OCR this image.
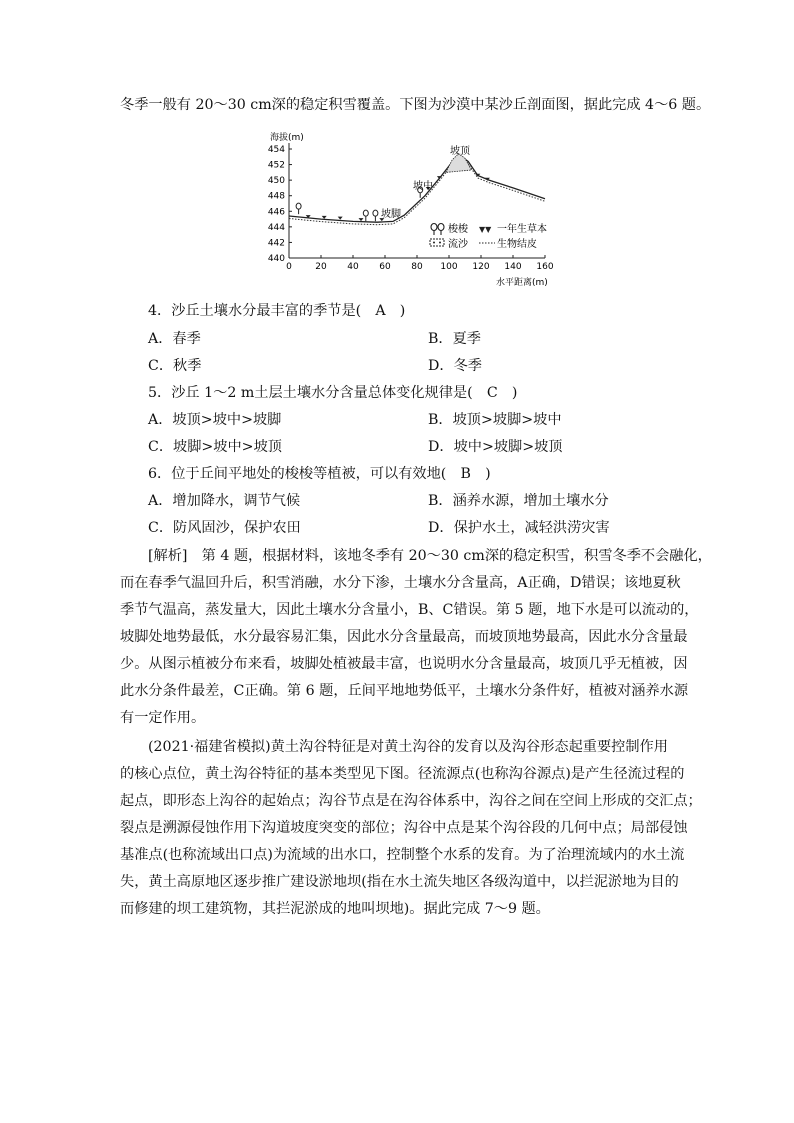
冬季一般有 20～30 cm深的稳定积雪覆盖。下图为沙漠中某沙丘剖面图，据此完成 4～6 题。
454
452
450
448
446
444
442
440
0	20 40 60 80 100 120 140 160
海拔(m)
水平距离(m)
坡顶
坡中
坡脚
梭梭 ▼▼ 一年生草本
流沙	生物结皮
4．沙丘土壤水分最丰富的季节是(　A　)
A．春季	B．夏季
C．秋季	D．冬季
5．沙丘 1～2 m土层土壤水分含量总体变化规律是(　C　)
A．坡顶>坡中>坡脚	B．坡顶>坡脚>坡中
C．坡脚>坡中>坡顶	D．坡中>坡脚>坡顶
6．位于丘间平地处的梭梭等植被，可以有效地(　B　)
A．增加降水，调节气候	B．涵养水源，增加土壤水分
C．防风固沙，保护农田	D．保护水土，减轻洪涝灾害
[解析]　第 4 题，根据材料，该地冬季有 20～30 cm深的稳定积雪，积雪冬季不会融化，
而在春季气温回升后，积雪消融，水分下渗，土壤水分含量高，A正确，D错误；该地夏秋
季节气温高，蒸发量大，因此土壤水分含量小，B、C错误。第 5 题，地下水是可以流动的，
坡脚处地势最低，水分最容易汇集，因此水分含量最高，而坡顶地势最高，因此水分含量最
少。从图示植被分布来看，坡脚处植被最丰富，也说明水分含量最高，坡顶几乎无植被，因
此水分条件最差，C正确。第 6 题，丘间平地地势低平，土壤水分条件好，植被对涵养水源
有一定作用。
(2021·福建省模拟)黄土沟谷特征是对黄土沟谷的发育以及沟谷形态起重要控制作用
的核心点位，黄土沟谷特征的基本类型见下图。径流源点(也称沟谷源点)是产生径流过程的
起点，即形态上沟谷的起始点；沟谷节点是在沟谷体系中，沟谷之间在空间上形成的交汇点；
裂点是溯源侵蚀作用下沟道坡度突变的部位；沟谷中点是某个沟谷段的几何中点；局部侵蚀
基准点(也称流域出口点)为流域的出水口，控制整个水系的发育。为了治理流域内的水土流
失，黄土高原地区逐步推广建设淤地坝(指在水土流失地区各级沟道中，以拦泥淤地为目的
而修建的坝工建筑物，其拦泥淤成的地叫坝地)。据此完成 7～9 题。
